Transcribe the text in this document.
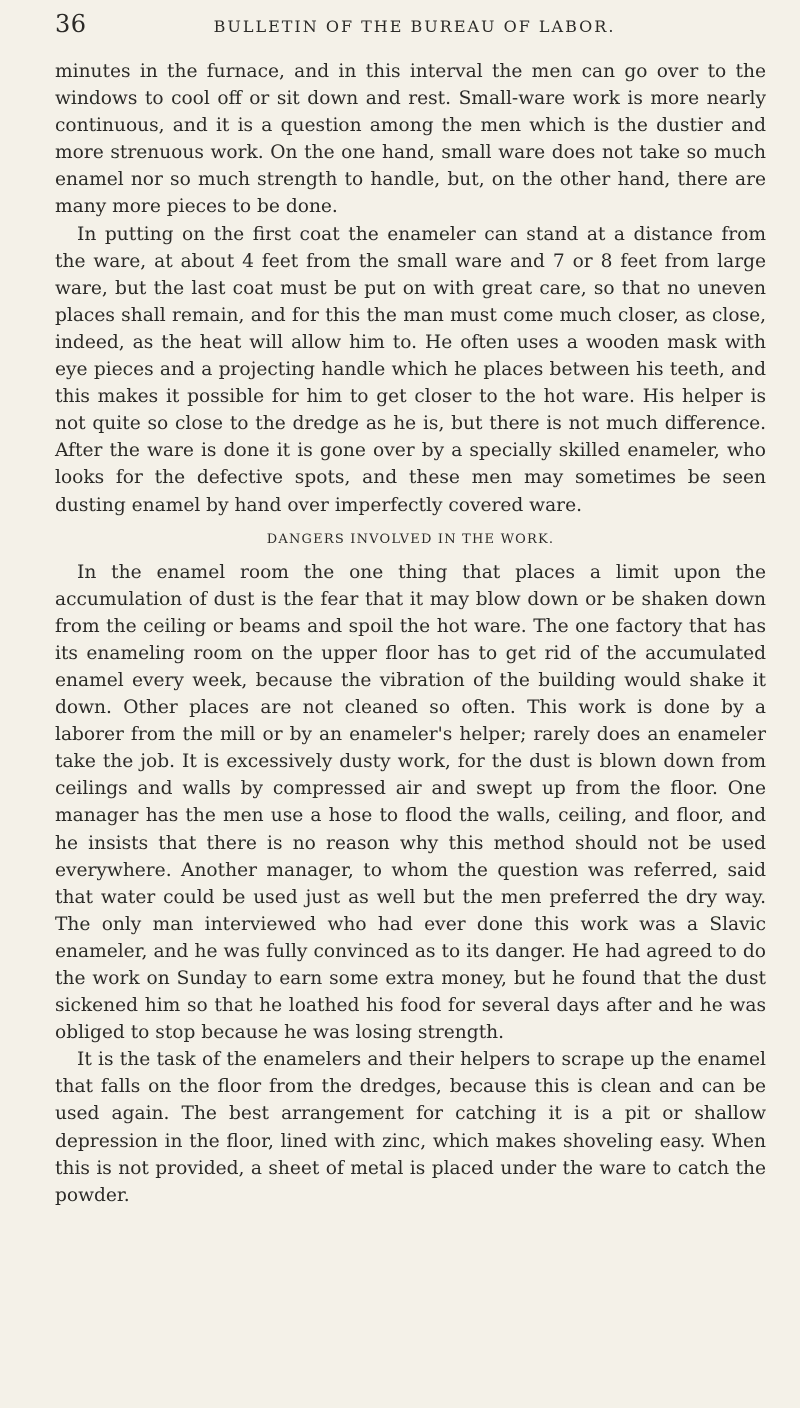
36	BULLETIN OF THE BUREAU OF LABOR.

minutes in the furnace, and in this interval the men can go over to the windows to cool off or sit down and rest. Small-ware work is more nearly continuous, and it is a question among the men which is the dustier and more strenuous work. On the one hand, small ware does not take so much enamel nor so much strength to handle, but, on the other hand, there are many more pieces to be done.

In putting on the first coat the enameler can stand at a distance from the ware, at about 4 feet from the small ware and 7 or 8 feet from large ware, but the last coat must be put on with great care, so that no uneven places shall remain, and for this the man must come much closer, as close, indeed, as the heat will allow him to. He often uses a wooden mask with eye pieces and a projecting handle which he places between his teeth, and this makes it possible for him to get closer to the hot ware. His helper is not quite so close to the dredge as he is, but there is not much difference. After the ware is done it is gone over by a specially skilled enameler, who looks for the defective spots, and these men may sometimes be seen dusting enamel by hand over imperfectly covered ware.

DANGERS INVOLVED IN THE WORK.

In the enamel room the one thing that places a limit upon the accumulation of dust is the fear that it may blow down or be shaken down from the ceiling or beams and spoil the hot ware. The one factory that has its enameling room on the upper floor has to get rid of the accumulated enamel every week, because the vibration of the building would shake it down. Other places are not cleaned so often. This work is done by a laborer from the mill or by an enameler's helper; rarely does an enameler take the job. It is excessively dusty work, for the dust is blown down from ceilings and walls by compressed air and swept up from the floor. One manager has the men use a hose to flood the walls, ceiling, and floor, and he insists that there is no reason why this method should not be used everywhere. Another manager, to whom the question was referred, said that water could be used just as well but the men preferred the dry way. The only man interviewed who had ever done this work was a Slavic enameler, and he was fully convinced as to its danger. He had agreed to do the work on Sunday to earn some extra money, but he found that the dust sickened him so that he loathed his food for several days after and he was obliged to stop because he was losing strength.

It is the task of the enamelers and their helpers to scrape up the enamel that falls on the floor from the dredges, because this is clean and can be used again. The best arrangement for catching it is a pit or shallow depression in the floor, lined with zinc, which makes shoveling easy. When this is not provided, a sheet of metal is placed under the ware to catch the powder.
